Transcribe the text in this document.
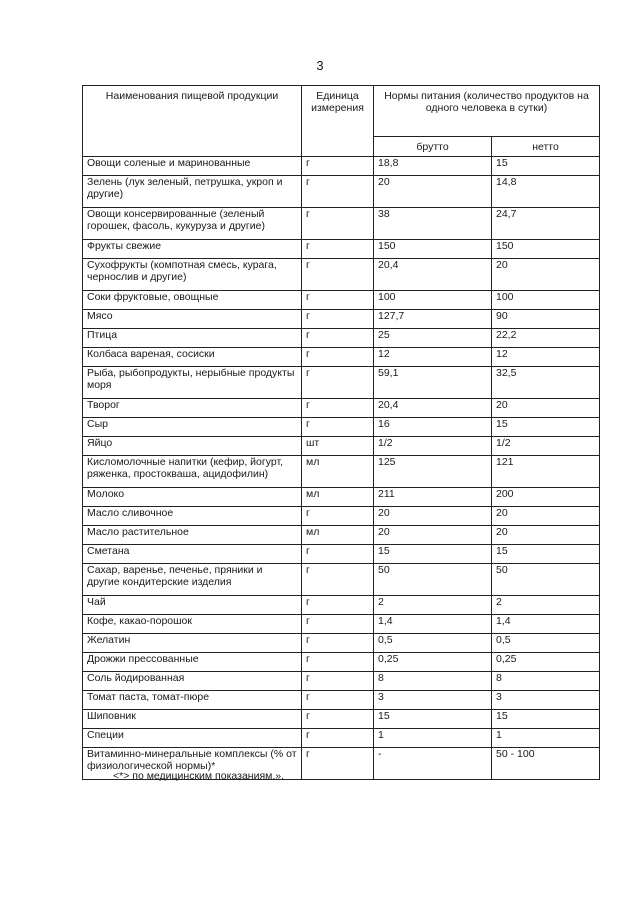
3
Наименования пищевой продукции	Единица измерения	Нормы питания (количество продуктов на одного человека в сутки)	
		брутто	нетто
Овощи соленые и маринованные	г	18,8	15
Зелень (лук зеленый, петрушка, укроп и другие)	г	20	14,8
Овощи консервированные (зеленый горошек, фасоль, кукуруза и другие)	г	38	24,7
Фрукты свежие	г	150	150
Сухофрукты (компотная смесь, курага, чернослив и другие)	г	20,4	20
Соки фруктовые, овощные	г	100	100
Мясо	г	127,7	90
Птица	г	25	22,2
Колбаса вареная, сосиски	г	12	12
Рыба, рыбопродукты, нерыбные продукты моря	г	59,1	32,5
Творог	г	20,4	20
Сыр	г	16	15
Яйцо	шт	1/2	1/2
Кисломолочные напитки (кефир, йогурт, ряженка, простокваша, ацидофилин)	мл	125	121
Молоко	мл	211	200
Масло сливочное	г	20	20
Масло растительное	мл	20	20
Сметана	г	15	15
Сахар, варенье, печенье, пряники и другие кондитерские изделия	г	50	50
Чай	г	2	2
Кофе, какао-порошок	г	1,4	1,4
Желатин	г	0,5	0,5
Дрожжи прессованные	г	0,25	0,25
Соль йодированная	г	8	8
Томат паста, томат-пюре	г	3	3
Шиповник	г	15	15
Специи	г	1	1
Витаминно-минеральные комплексы (% от физиологической нормы)*	г	-	50 - 100
<*> по медицинским показаниям.».
